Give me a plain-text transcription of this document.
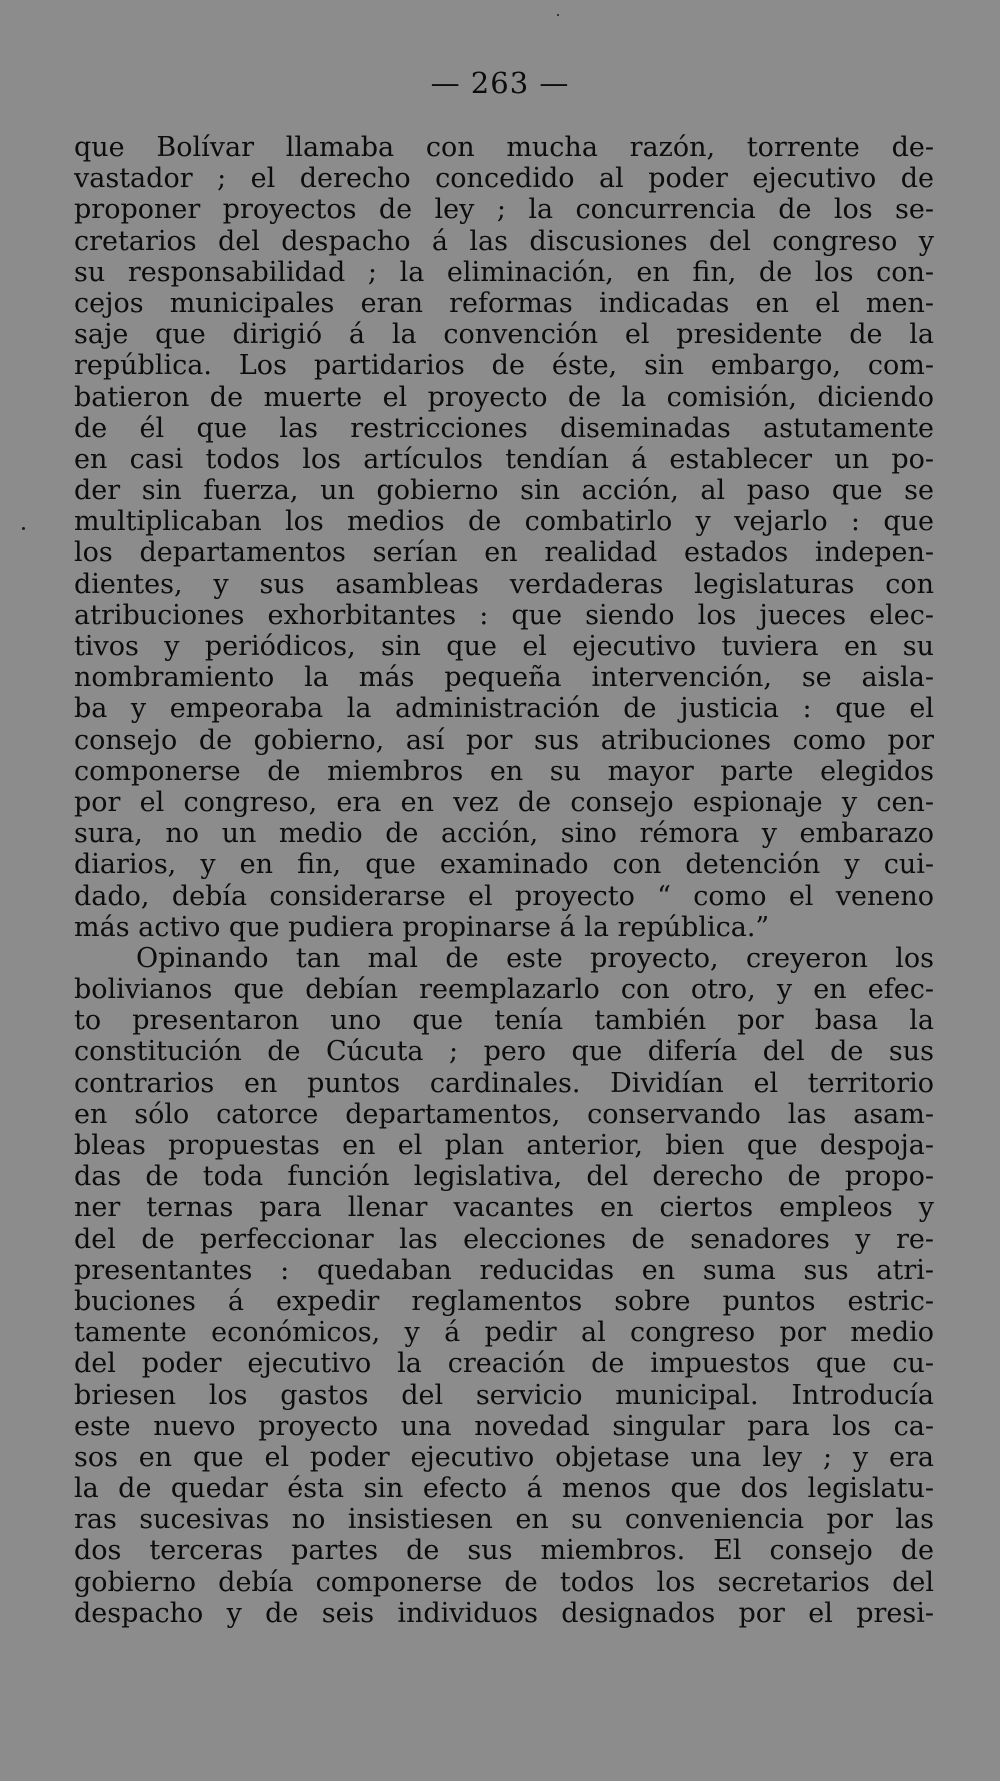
— 263 —
que Bolívar llamaba con mucha razón, torrente de-
vastador ; el derecho concedido al poder ejecutivo de
proponer proyectos de ley ; la concurrencia de los se-
cretarios del despacho á las discusiones del congreso y
su responsabilidad ; la eliminación, en fin, de los con-
cejos municipales eran reformas indicadas en el men-
saje que dirigió á la convención el presidente de la
república. Los partidarios de éste, sin embargo, com-
batieron de muerte el proyecto de la comisión, diciendo
de él que las restricciones diseminadas astutamente
en casi todos los artículos tendían á establecer un po-
der sin fuerza, un gobierno sin acción, al paso que se
multiplicaban los medios de combatirlo y vejarlo : que
los departamentos serían en realidad estados indepen-
dientes, y sus asambleas verdaderas legislaturas con
atribuciones exhorbitantes : que siendo los jueces elec-
tivos y periódicos, sin que el ejecutivo tuviera en su
nombramiento la más pequeña intervención, se aisla-
ba y empeoraba la administración de justicia : que el
consejo de gobierno, así por sus atribuciones como por
componerse de miembros en su mayor parte elegidos
por el congreso, era en vez de consejo espionaje y cen-
sura, no un medio de acción, sino rémora y embarazo
diarios, y en fin, que examinado con detención y cui-
dado, debía considerarse el proyecto “ como el veneno
más activo que pudiera propinarse á la república.”
Opinando tan mal de este proyecto, creyeron los
bolivianos que debían reemplazarlo con otro, y en efec-
to presentaron uno que tenía también por basa la
constitución de Cúcuta ; pero que difería del de sus
contrarios en puntos cardinales. Dividían el territorio
en sólo catorce departamentos, conservando las asam-
bleas propuestas en el plan anterior, bien que despoja-
das de toda función legislativa, del derecho de propo-
ner ternas para llenar vacantes en ciertos empleos y
del de perfeccionar las elecciones de senadores y re-
presentantes : quedaban reducidas en suma sus atri-
buciones á expedir reglamentos sobre puntos estric-
tamente económicos, y á pedir al congreso por medio
del poder ejecutivo la creación de impuestos que cu-
briesen los gastos del servicio municipal. Introducía
este nuevo proyecto una novedad singular para los ca-
sos en que el poder ejecutivo objetase una ley ; y era
la de quedar ésta sin efecto á menos que dos legislatu-
ras sucesivas no insistiesen en su conveniencia por las
dos terceras partes de sus miembros. El consejo de
gobierno debía componerse de todos los secretarios del
despacho y de seis individuos designados por el presi-
